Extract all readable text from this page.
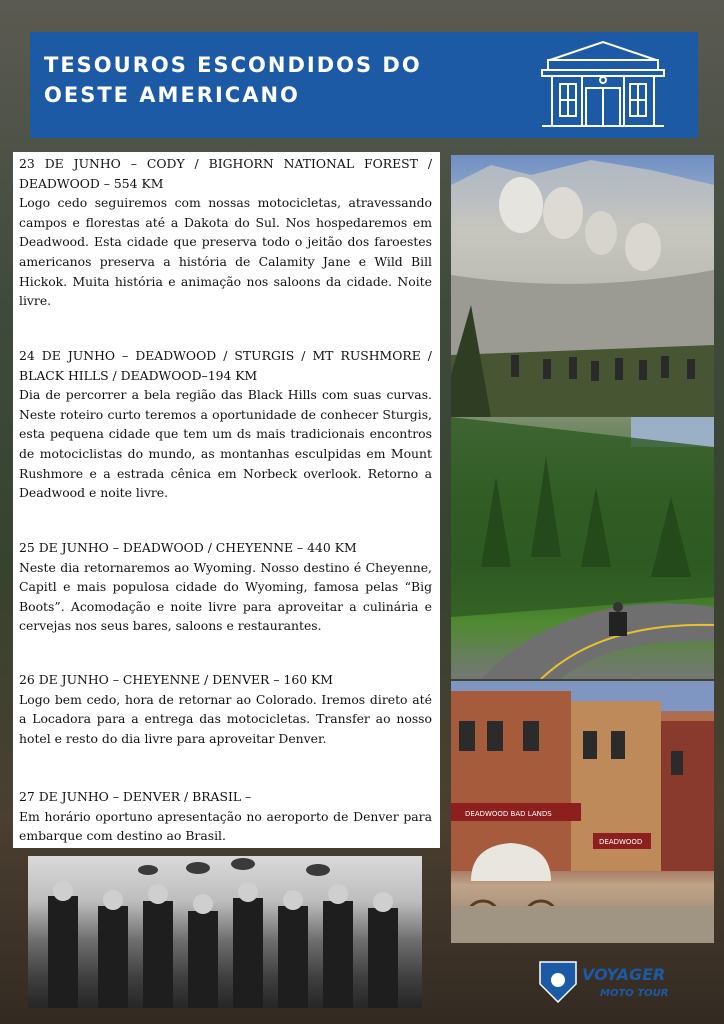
TESOUROS ESCONDIDOS DO
OESTE AMERICANO
23 DE JUNHO – CODY / BIGHORN NATIONAL FOREST / DEADWOOD – 554 KM
Logo cedo seguiremos com nossas motocicletas, atravessando campos e florestas até a Dakota do Sul. Nos hospedaremos em Deadwood. Esta cidade que preserva todo o jeitão dos faroestes americanos preserva a história de Calamity Jane e Wild Bill Hickok. Muita história e animação nos saloons da cidade. Noite livre.
24 DE JUNHO – DEADWOOD / STURGIS / MT RUSHMORE / BLACK HILLS / DEADWOOD–194 KM
Dia de percorrer a bela região das Black Hills com suas curvas. Neste roteiro curto teremos a oportunidade de conhecer Sturgis, esta pequena cidade que tem um ds mais tradicionais encontros de motociclistas do mundo, as montanhas esculpidas em Mount Rushmore e a estrada cênica em Norbeck overlook. Retorno a Deadwood e noite livre.
25 DE JUNHO – DEADWOOD / CHEYENNE – 440 KM
Neste dia retornaremos ao Wyoming. Nosso destino é Cheyenne, Capitl e mais populosa cidade do Wyoming, famosa pelas “Big Boots”. Acomodação e noite livre para aproveitar a culinária e cervejas nos seus bares, saloons e restaurantes.
26 DE JUNHO – CHEYENNE / DENVER – 160 KM
Logo bem cedo, hora de retornar ao Colorado. Iremos direto até a Locadora para a entrega das motocicletas. Transfer ao nosso hotel e resto do dia livre para aproveitar Denver.
27 DE JUNHO – DENVER / BRASIL –
Em horário oportuno apresentação no aeroporto de Denver para embarque com destino ao Brasil.
DEADWOOD BAD LANDS
DEADWOOD
VOYAGER
MOTO TOUR
